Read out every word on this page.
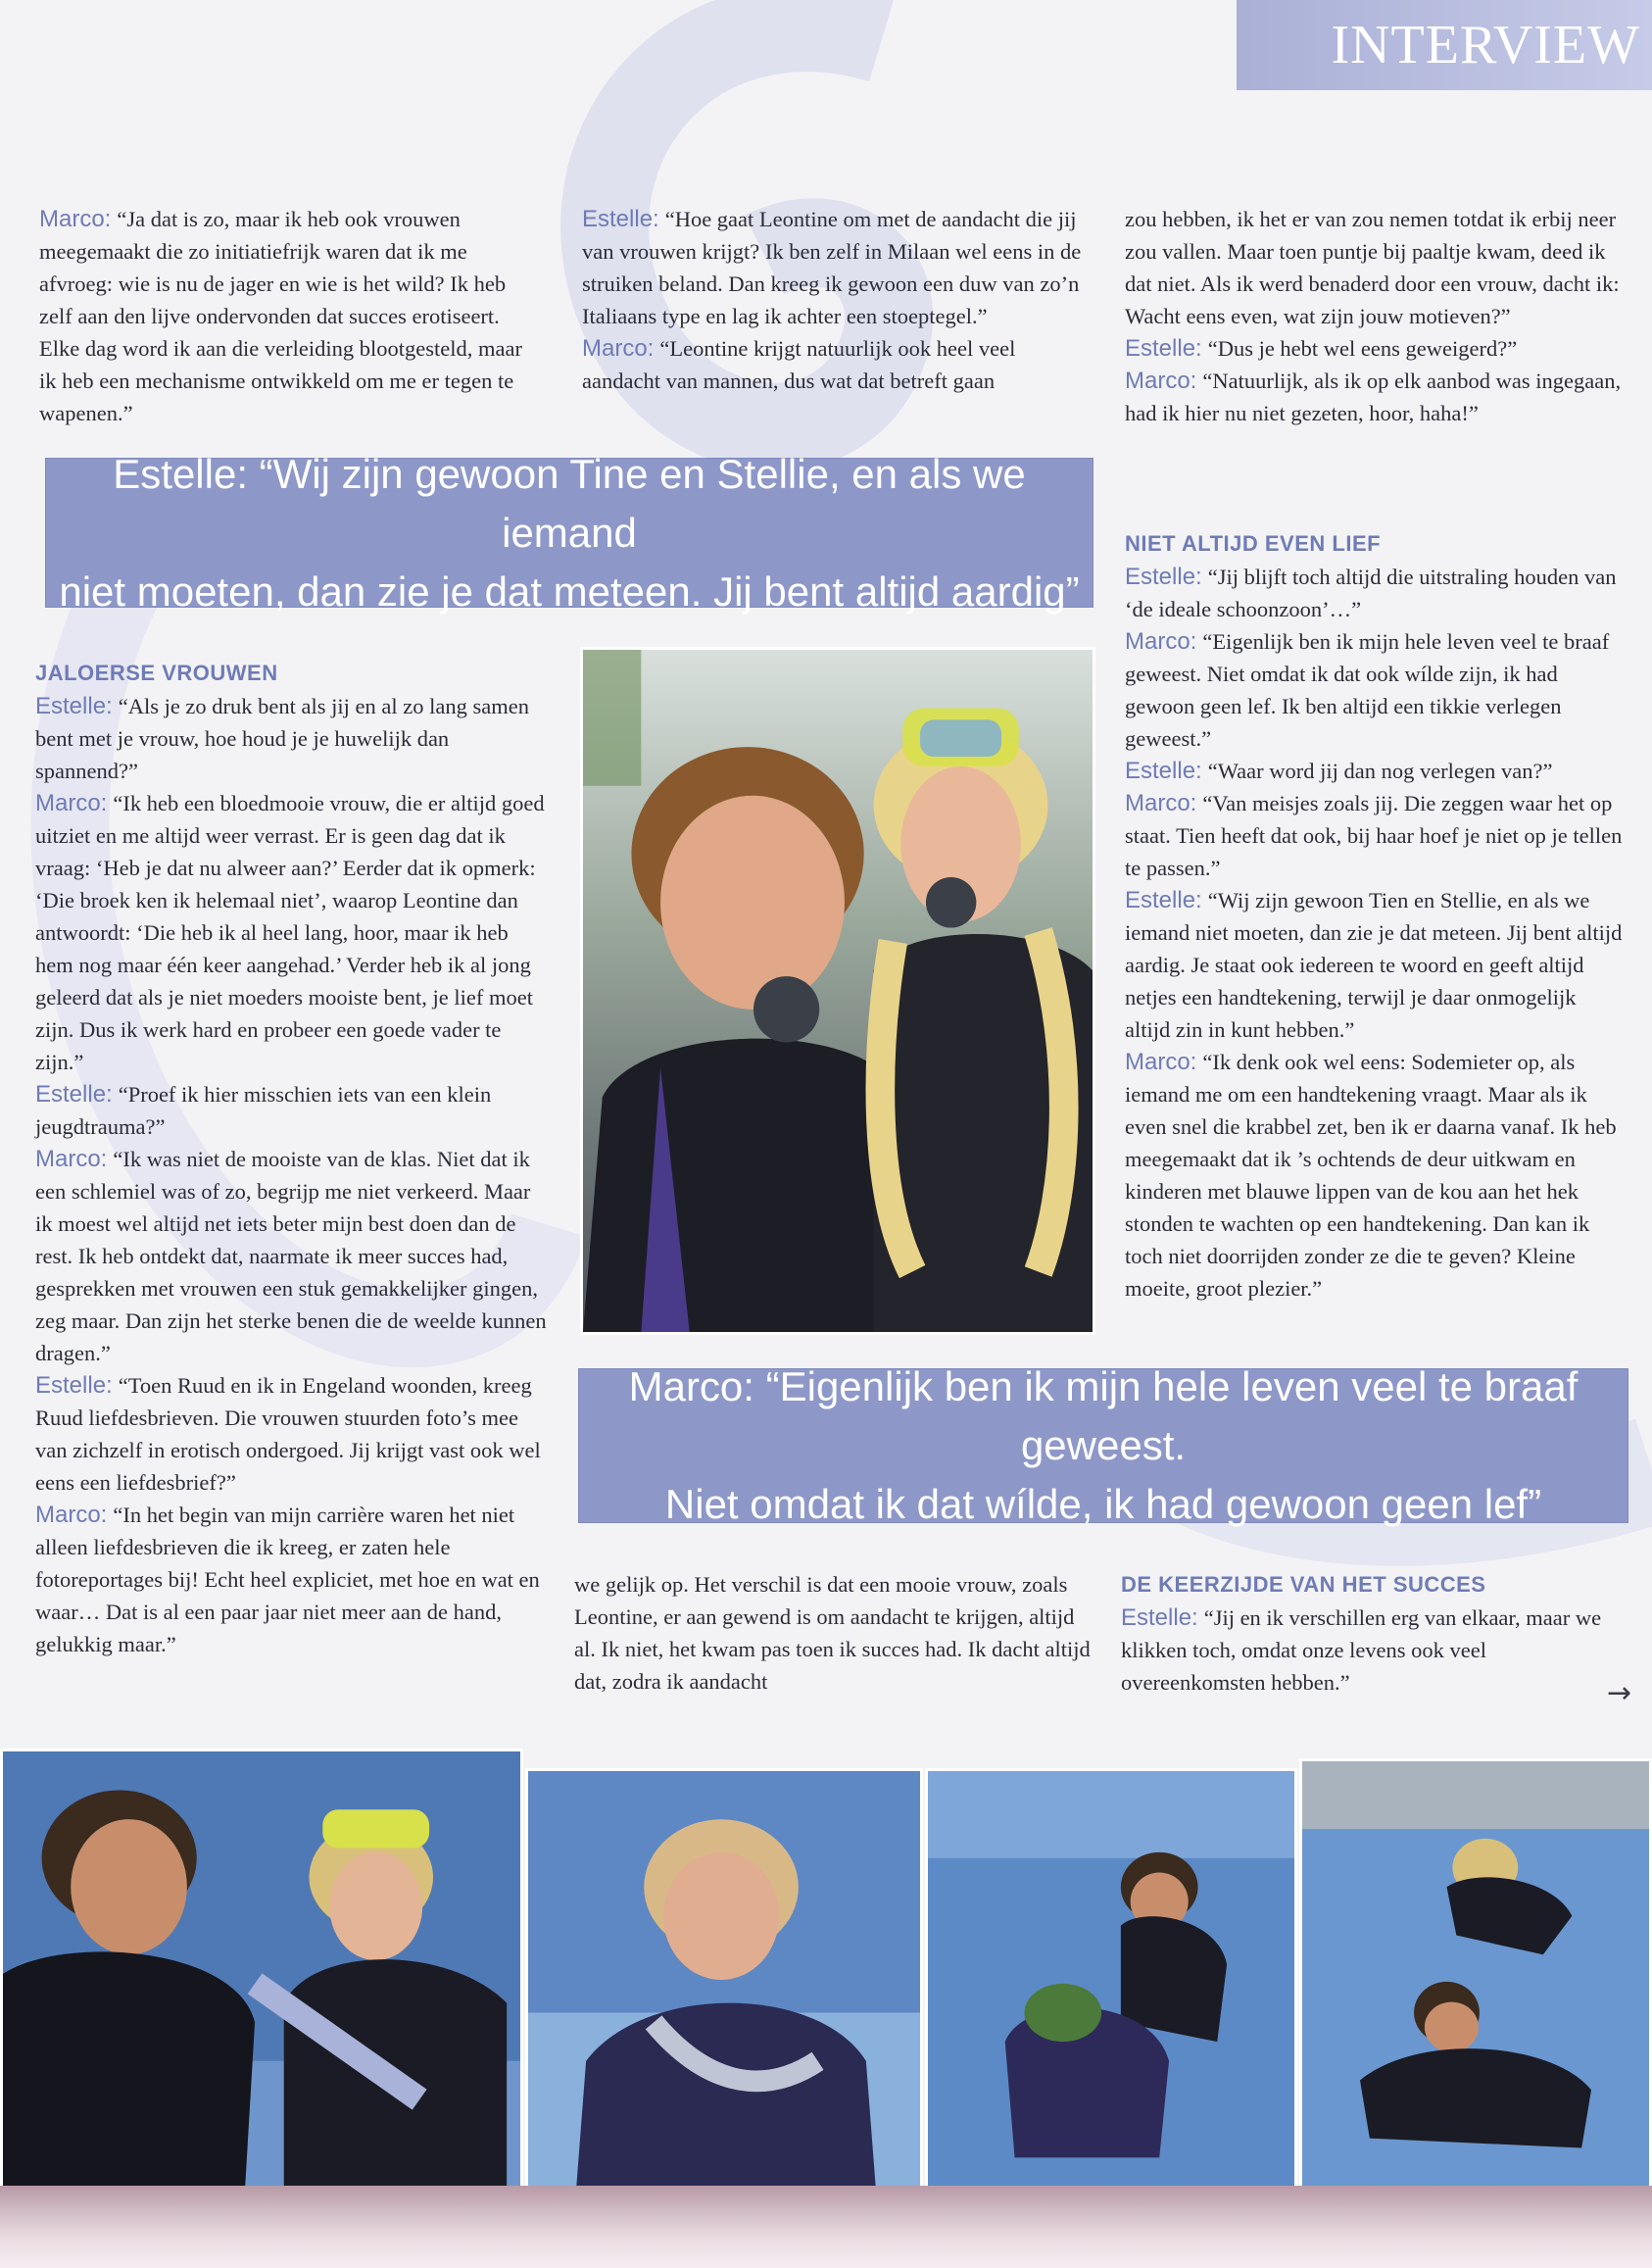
INTERVIEW

Marco: “Ja dat is zo, maar ik heb ook vrouwen meegemaakt die zo initiatiefrijk waren dat ik me afvroeg: wie is nu de jager en wie is het wild? Ik heb zelf aan den lijve ondervonden dat succes erotiseert. Elke dag word ik aan die verleiding blootgesteld, maar ik heb een mechanisme ontwikkeld om me er tegen te wapenen.”

Estelle: “Hoe gaat Leontine om met de aandacht die jij van vrouwen krijgt? Ik ben zelf in Milaan wel eens in de struiken beland. Dan kreeg ik gewoon een duw van zo’n Italiaans type en lag ik achter een stoeptegel.”

Marco: “Leontine krijgt natuurlijk ook heel veel aandacht van mannen, dus wat dat betreft gaan

zou hebben, ik het er van zou nemen totdat ik erbij neer zou vallen. Maar toen puntje bij paaltje kwam, deed ik dat niet. Als ik werd benaderd door een vrouw, dacht ik: Wacht eens even, wat zijn jouw motieven?”

Estelle: “Dus je hebt wel eens geweigerd?”

Marco: “Natuurlijk, als ik op elk aanbod was ingegaan, had ik hier nu niet gezeten, hoor, haha!”

Estelle: “Wij zijn gewoon Tine en Stellie, en als we iemand
niet moeten, dan zie je dat meteen. Jij bent altijd aardig”
NIET ALTIJD EVEN LIEF

Estelle: “Jij blijft toch altijd die uitstraling houden van ‘de ideale schoonzoon’…”

Marco: “Eigenlijk ben ik mijn hele leven veel te braaf geweest. Niet omdat ik dat ook wílde zijn, ik had gewoon geen lef. Ik ben altijd een tikkie verlegen geweest.”

Estelle: “Waar word jij dan nog verlegen van?”

Marco: “Van meisjes zoals jij. Die zeggen waar het op staat. Tien heeft dat ook, bij haar hoef je niet op je tellen te passen.”

Estelle: “Wij zijn gewoon Tien en Stellie, en als we iemand niet moeten, dan zie je dat meteen. Jij bent altijd aardig. Je staat ook iedereen te woord en geeft altijd netjes een handtekening, terwijl je daar onmogelijk altijd zin in kunt hebben.”

Marco: “Ik denk ook wel eens: Sodemieter op, als iemand me om een handtekening vraagt. Maar als ik even snel die krabbel zet, ben ik er daarna vanaf. Ik heb meegemaakt dat ik ’s ochtends de deur uitkwam en kinderen met blauwe lippen van de kou aan het hek stonden te wachten op een handtekening. Dan kan ik toch niet doorrijden zonder ze die te geven? Kleine moeite, groot plezier.”

JALOERSE VROUWEN

Estelle: “Als je zo druk bent als jij en al zo lang samen bent met je vrouw, hoe houd je je huwelijk dan spannend?”

Marco: “Ik heb een bloedmooie vrouw, die er altijd goed uitziet en me altijd weer verrast. Er is geen dag dat ik vraag: ‘Heb je dat nu alweer aan?’ Eerder dat ik opmerk: ‘Die broek ken ik helemaal niet’, waarop Leontine dan antwoordt: ‘Die heb ik al heel lang, hoor, maar ik heb hem nog maar één keer aangehad.’ Verder heb ik al jong geleerd dat als je niet moeders mooiste bent, je lief moet zijn. Dus ik werk hard en probeer een goede vader te zijn.”

Estelle: “Proef ik hier misschien iets van een klein jeugdtrauma?”

Marco: “Ik was niet de mooiste van de klas. Niet dat ik een schlemiel was of zo, begrijp me niet verkeerd. Maar ik moest wel altijd net iets beter mijn best doen dan de rest. Ik heb ontdekt dat, naarmate ik meer succes had, gesprekken met vrouwen een stuk gemakkelijker gingen, zeg maar. Dan zijn het sterke benen die de weelde kunnen dragen.”

Estelle: “Toen Ruud en ik in Engeland woonden, kreeg Ruud liefdesbrieven. Die vrouwen stuurden foto’s mee van zichzelf in erotisch ondergoed. Jij krijgt vast ook wel eens een liefdesbrief?”

Marco: “In het begin van mijn carrière waren het niet alleen liefdesbrieven die ik kreeg, er zaten hele fotoreportages bij! Echt heel expliciet, met hoe en wat en waar… Dat is al een paar jaar niet meer aan de hand, gelukkig maar.”

Marco: “Eigenlijk ben ik mijn hele leven veel te braaf geweest.
Niet omdat ik dat wílde, ik had gewoon geen lef”

we gelijk op. Het verschil is dat een mooie vrouw, zoals Leontine, er aan gewend is om aandacht te krijgen, altijd al. Ik niet, het kwam pas toen ik succes had. Ik dacht altijd dat, zodra ik aandacht

DE KEERZIJDE VAN HET SUCCES

Estelle: “Jij en ik verschillen erg van elkaar, maar we klikken toch, omdat onze levens ook veel overeenkomsten hebben.”	→
